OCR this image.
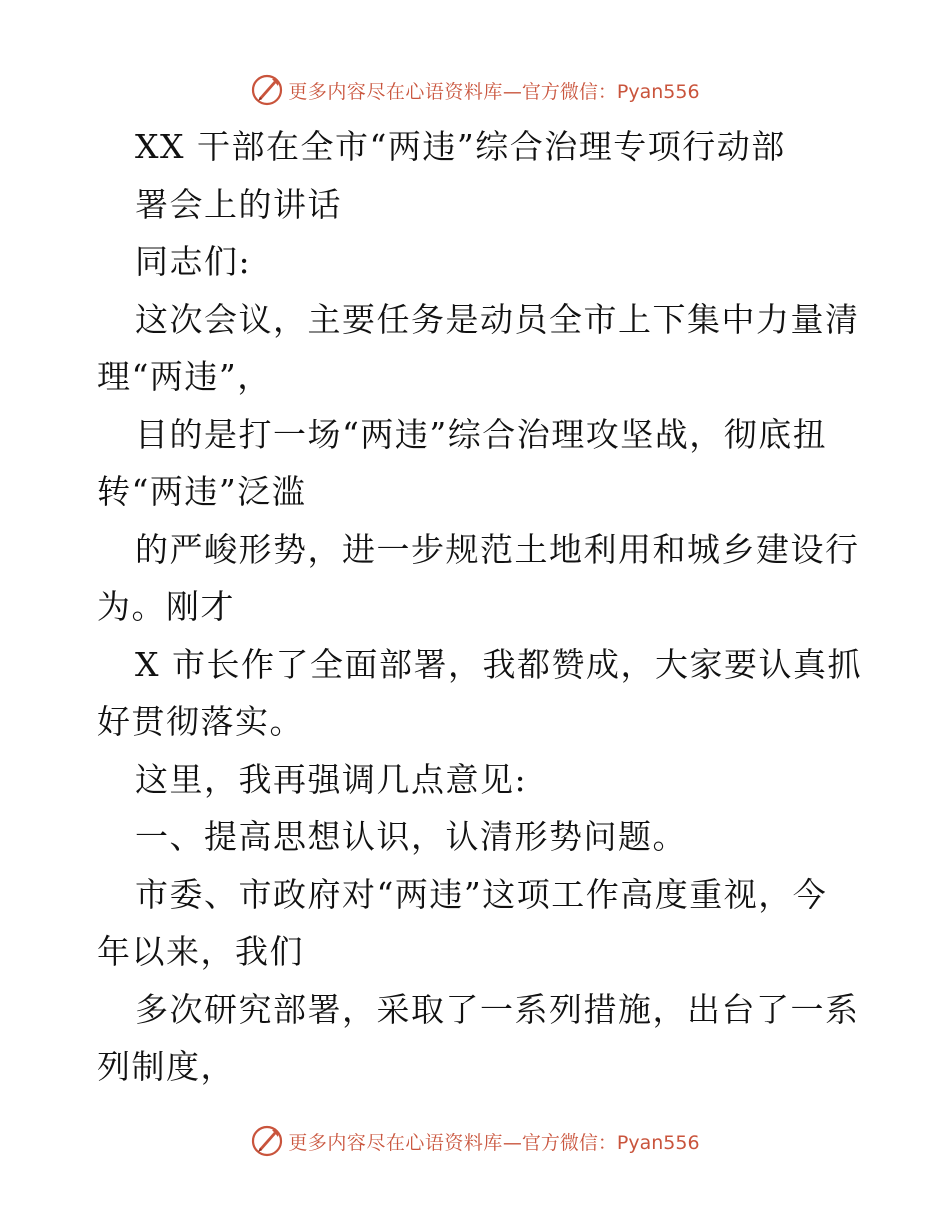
更多内容尽在心语资料库 —官方微信：Pyan556
XX 干部在全市“两违”综合治理专项行动部
署会上的讲话
同志们:
这次会议，主要任务是动员全市上下集中力量清
理“两违”，
目的是打一场“两违”综合治理攻坚战，彻底扭
转“两违”泛滥
的严峻形势，进一步规范土地利用和城乡建设行
为。刚才
X 市长作了全面部署，我都赞成，大家要认真抓
好贯彻落实。
这里，我再强调几点意见:
一、提高思想认识，认清形势问题。
市委、市政府对“两违”这项工作高度重视，今
年以来，我们
多次研究部署，采取了一系列措施，出台了一系
列制度，
更多内容尽在心语资料库 —官方微信：Pyan556
